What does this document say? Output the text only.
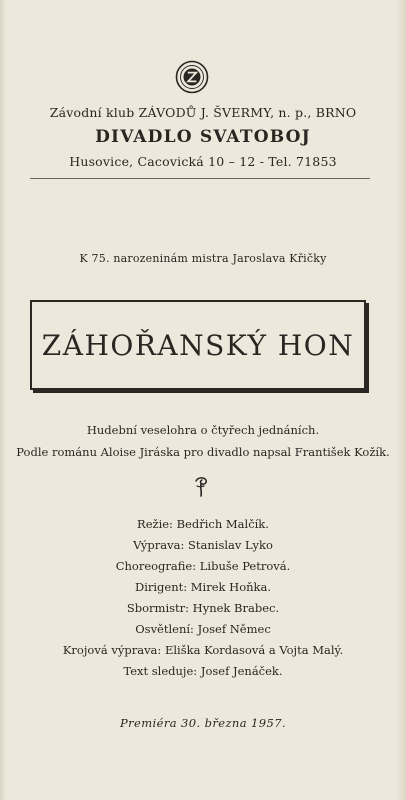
Závodní klub ZÁVODŮ J. ŠVERMY, n. p., BRNO
DIVADLO SVATOBOJ
Husovice, Cacovická 10 – 12 - Tel. 71853
K 75. narozeninám mistra Jaroslava Křičky
ZÁHOŘANSKÝ HON
Hudební veselohra o čtyřech jednáních.
Podle románu Aloise Jiráska pro divadlo napsal František Kožík.
Režie: Bedřich Malčík.
Výprava: Stanislav Lyko
Choreografie: Libuše Petrová.
Dirigent: Mirek Hoňka.
Sbormistr: Hynek Brabec.
Osvětlení: Josef Němec
Krojová výprava: Eliška Kordasová a Vojta Malý.
Text sleduje: Josef Jenáček.
Premiéra 30. března 1957.
